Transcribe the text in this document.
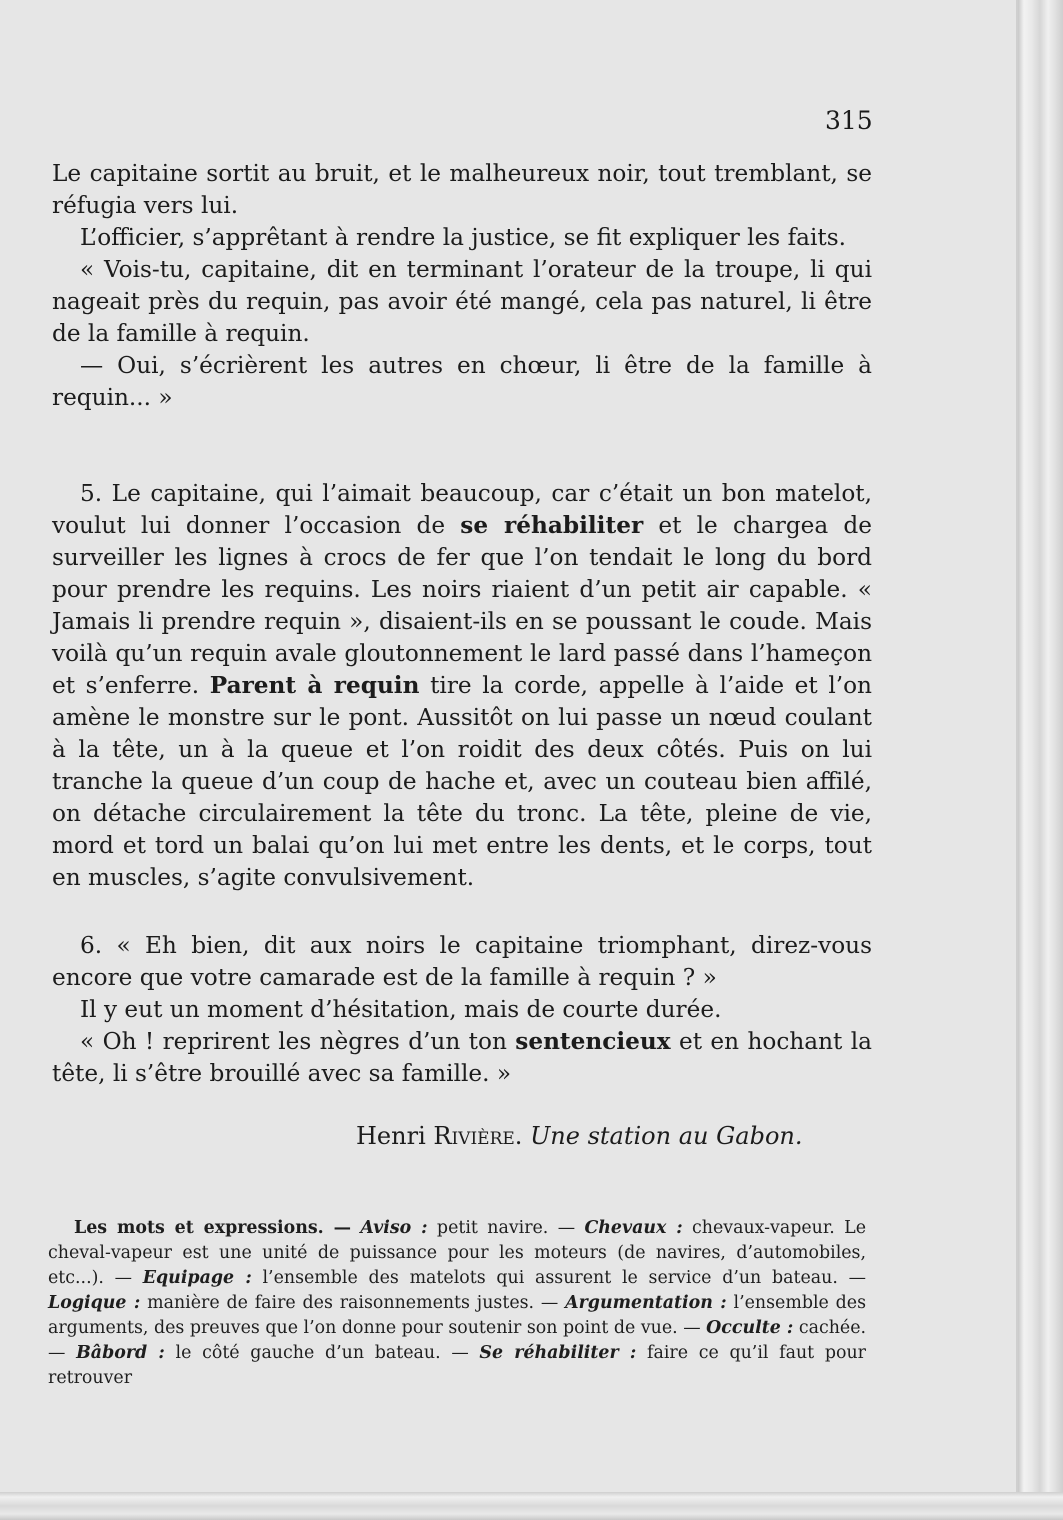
315

Le capitaine sortit au bruit, et le malheureux noir, tout tremblant, se réfugia vers lui.

L’officier, s’apprêtant à rendre la justice, se fit expliquer les faits.

« Vois-tu, capitaine, dit en terminant l’orateur de la troupe, li qui nageait près du requin, pas avoir été mangé, cela pas naturel, li être de la famille à requin.

— Oui, s’écrièrent les autres en chœur, li être de la famille à requin... »

5. Le capitaine, qui l’aimait beaucoup, car c’était un bon matelot, voulut lui donner l’occasion de se réhabiliter et le chargea de surveiller les lignes à crocs de fer que l’on tendait le long du bord pour prendre les requins. Les noirs riaient d’un petit air capable. « Jamais li prendre requin », disaient-ils en se poussant le coude. Mais voilà qu’un requin avale gloutonnement le lard passé dans l’hameçon et s’enferre. Parent à requin tire la corde, appelle à l’aide et l’on amène le monstre sur le pont. Aussitôt on lui passe un nœud coulant à la tête, un à la queue et l’on roidit des deux côtés. Puis on lui tranche la queue d’un coup de hache et, avec un couteau bien affilé, on détache circulairement la tête du tronc. La tête, pleine de vie, mord et tord un balai qu’on lui met entre les dents, et le corps, tout en muscles, s’agite convulsivement.

6. « Eh bien, dit aux noirs le capitaine triomphant, direz-vous encore que votre camarade est de la famille à requin ? »

Il y eut un moment d’hésitation, mais de courte durée.

« Oh ! reprirent les nègres d’un ton sentencieux et en hochant la tête, li s’être brouillé avec sa famille. »

Henri Rivière. Une station au Gabon.

Les mots et expressions. — Aviso : petit navire. — Chevaux : chevaux-vapeur. Le cheval-vapeur est une unité de puissance pour les moteurs (de navires, d’automobiles, etc...). — Equipage : l’ensemble des matelots qui assurent le service d’un bateau. — Logique : manière de faire des raisonnements justes. — Argumentation : l’ensemble des arguments, des preuves que l’on donne pour soutenir son point de vue. — Occulte : cachée. — Bâbord : le côté gauche d’un bateau. — Se réhabiliter : faire ce qu’il faut pour retrouver
